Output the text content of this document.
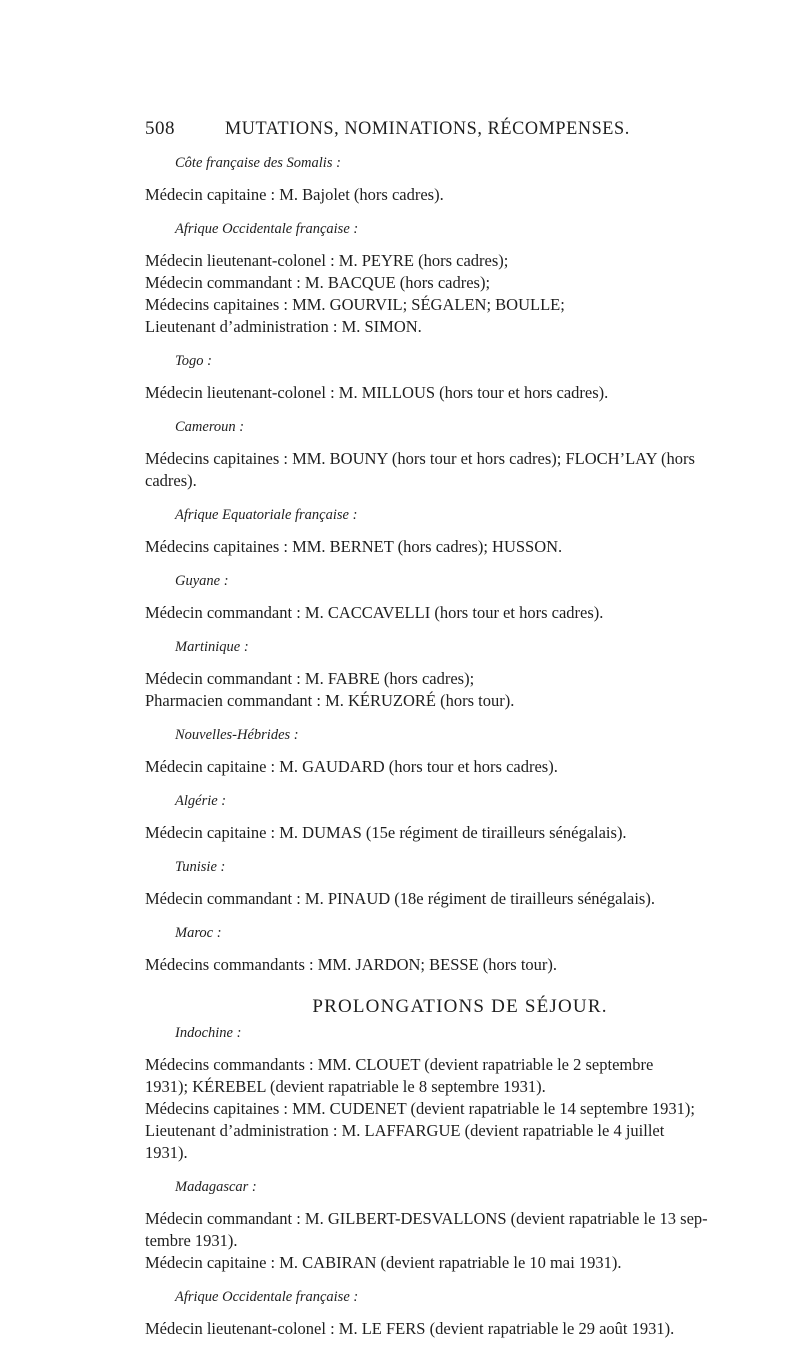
508	MUTATIONS, NOMINATIONS, RÉCOMPENSES.
Côte française des Somalis :
Médecin capitaine : M. Bajolet (hors cadres).
Afrique Occidentale française :
Médecin lieutenant-colonel : M. PEYRE (hors cadres);
Médecin commandant : M. BACQUE (hors cadres);
Médecins capitaines : MM. GOURVIL; SÉGALEN; BOULLE;
Lieutenant d’administration : M. SIMON.
Togo :
Médecin lieutenant-colonel : M. MILLOUS (hors tour et hors cadres).
Cameroun :
Médecins capitaines : MM. BOUNY (hors tour et hors cadres); FLOCH’LAY (hors
cadres).
Afrique Equatoriale française :
Médecins capitaines : MM. BERNET (hors cadres); HUSSON.
Guyane :
Médecin commandant : M. CACCAVELLI (hors tour et hors cadres).
Martinique :
Médecin commandant : M. FABRE (hors cadres);
Pharmacien commandant : M. KÉRUZORÉ (hors tour).
Nouvelles-Hébrides :
Médecin capitaine : M. GAUDARD (hors tour et hors cadres).
Algérie :
Médecin capitaine : M. DUMAS (15e régiment de tirailleurs sénégalais).
Tunisie :
Médecin commandant : M. PINAUD (18e régiment de tirailleurs sénégalais).
Maroc :
Médecins commandants : MM. JARDON; BESSE (hors tour).
PROLONGATIONS DE SÉJOUR.
Indochine :
Médecins commandants : MM. CLOUET (devient rapatriable le 2 septembre
1931); KÉREBEL (devient rapatriable le 8 septembre 1931).
Médecins capitaines : MM. CUDENET (devient rapatriable le 14 septembre 1931);
Lieutenant d’administration : M. LAFFARGUE (devient rapatriable le 4 juillet
1931).
Madagascar :
Médecin commandant : M. GILBERT-DESVALLONS (devient rapatriable le 13 sep-
tembre 1931).
Médecin capitaine : M. CABIRAN (devient rapatriable le 10 mai 1931).
Afrique Occidentale française :
Médecin lieutenant-colonel : M. LE FERS (devient rapatriable le 29 août 1931).
